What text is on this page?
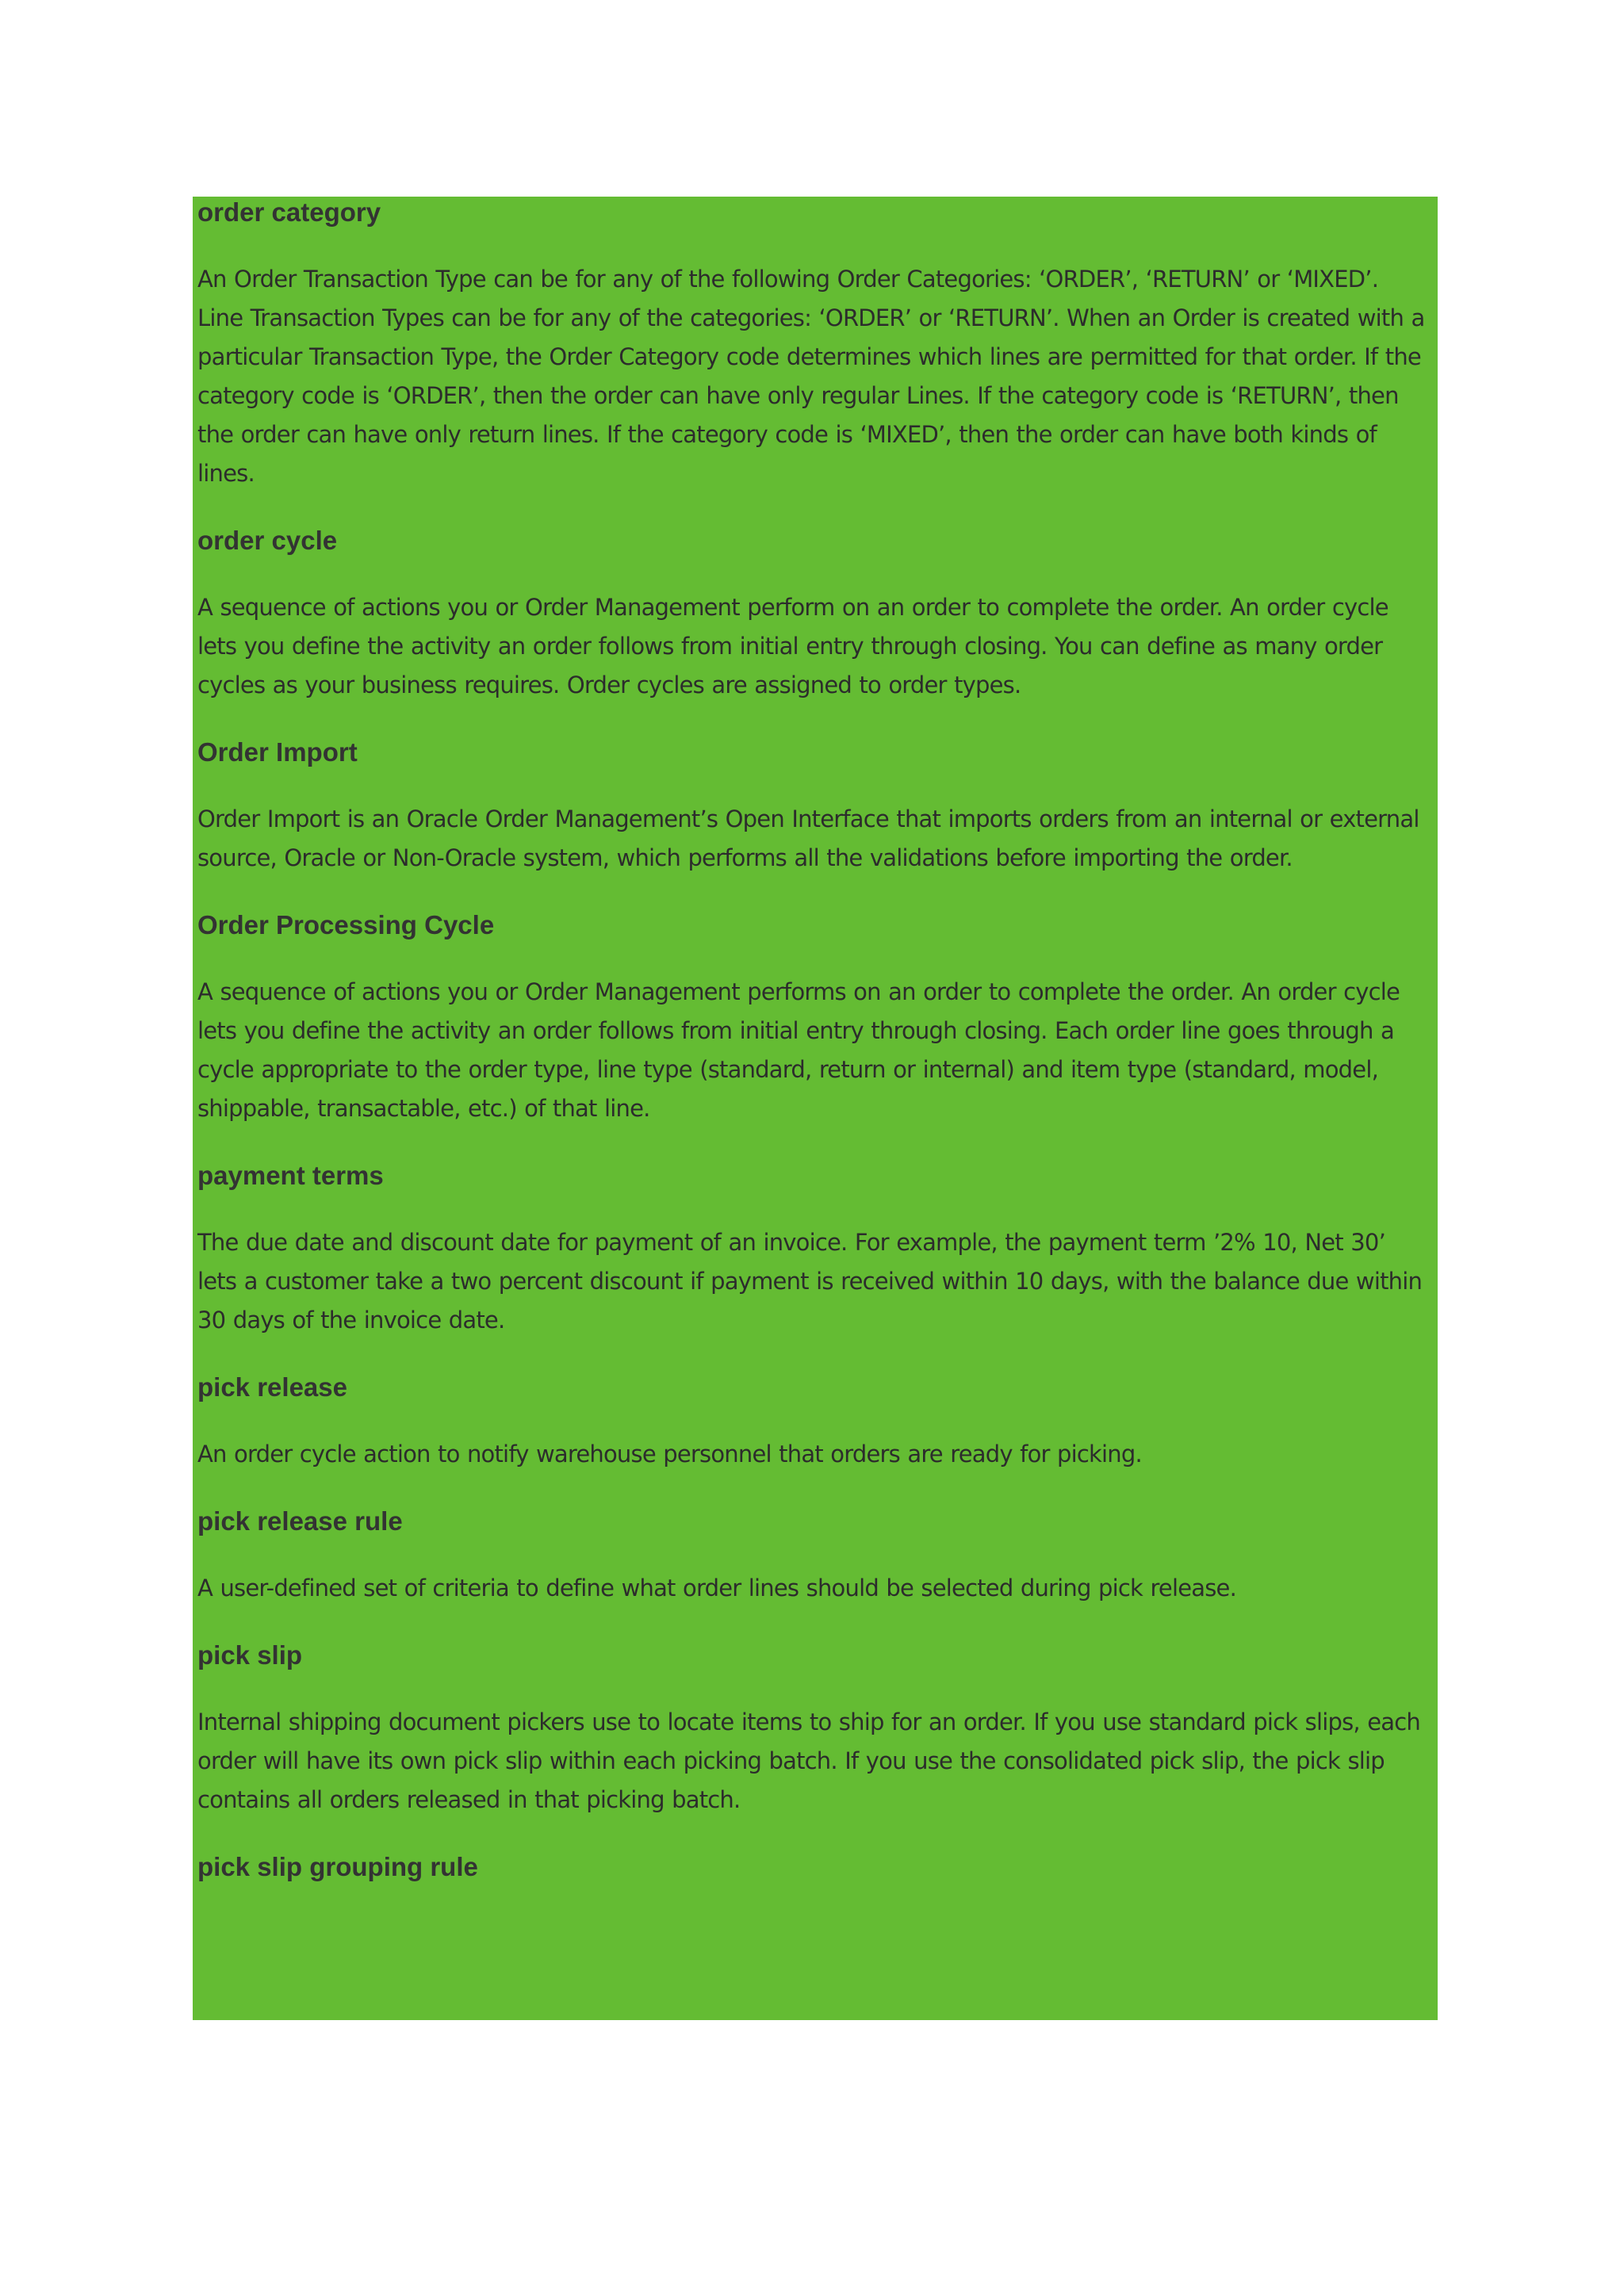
order category

An Order Transaction Type can be for any of the following Order Categories: ‘ORDER’, ‘RETURN’ or ‘MIXED’. Line Transaction Types can be for any of the categories: ‘ORDER’ or ‘RETURN’. When an Order is created with a particular Transaction Type, the Order Category code determines which lines are permitted for that order. If the category code is ‘ORDER’, then the order can have only regular Lines. If the category code is ‘RETURN’, then the order can have only return lines. If the category code is ‘MIXED’, then the order can have both kinds of lines.

order cycle

A sequence of actions you or Order Management perform on an order to complete the order. An order cycle lets you define the activity an order follows from initial entry through closing. You can define as many order cycles as your business requires. Order cycles are assigned to order types.

Order Import

Order Import is an Oracle Order Management’s Open Interface that imports orders from an internal or external source, Oracle or Non-Oracle system, which performs all the validations before importing the order.

Order Processing Cycle

A sequence of actions you or Order Management performs on an order to complete the order. An order cycle lets you define the activity an order follows from initial entry through closing. Each order line goes through a cycle appropriate to the order type, line type (standard, return or internal) and item type (standard, model, shippable, transactable, etc.) of that line.

payment terms

The due date and discount date for payment of an invoice. For example, the payment term ’2% 10, Net 30’ lets a customer take a two percent discount if payment is received within 10 days, with the balance due within 30 days of the invoice date.

pick release

An order cycle action to notify warehouse personnel that orders are ready for picking.

pick release rule

A user-defined set of criteria to define what order lines should be selected during pick release.

pick slip

Internal shipping document pickers use to locate items to ship for an order. If you use standard pick slips, each order will have its own pick slip within each picking batch. If you use the consolidated pick slip, the pick slip contains all orders released in that picking batch.

pick slip grouping rule
